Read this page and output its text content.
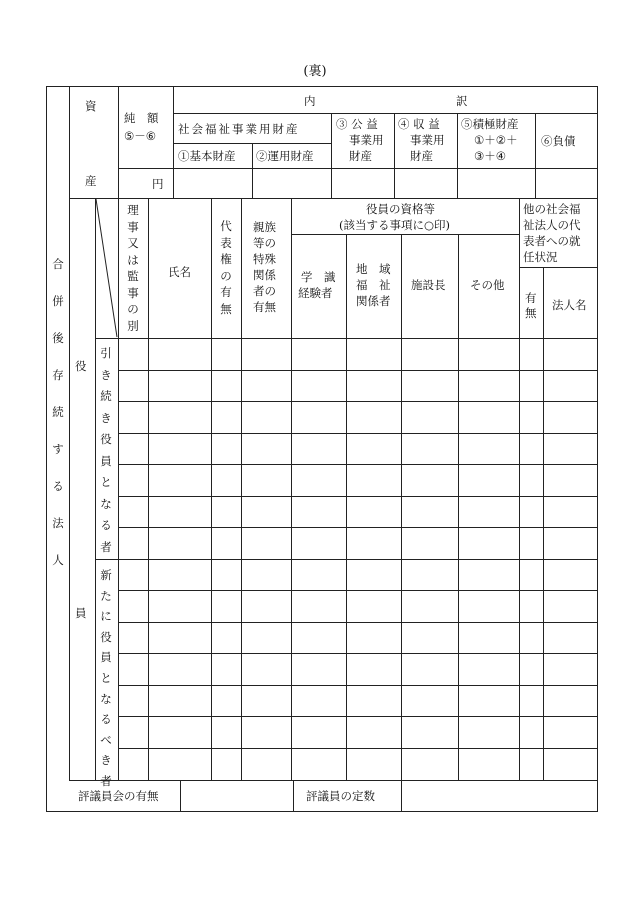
(裏)
資
産
純　額
⑤－⑥
円
内	訳
社会福祉事業用財産
①基本財産 ②運用財産
③ 公 益
事業用
財産
④ 収 益
事業用
財産
⑤積極財産
①＋②＋
③＋④
⑥負債
合併後存続する法人
役
員
理事又は監事の別
氏名
代表権の有無
親族
等の
特殊
関係
者の
有無
役員の資格等
(該当する事項に○印)
学　識
経験者
地　域
福　祉
関係者
施設長 その他
他の社会福
祉法人の代
表者への就
任状況
有
無
法人名
引き続き役員となる者
新たに役員となるべき者
評議員会の有無	評議員の定数
